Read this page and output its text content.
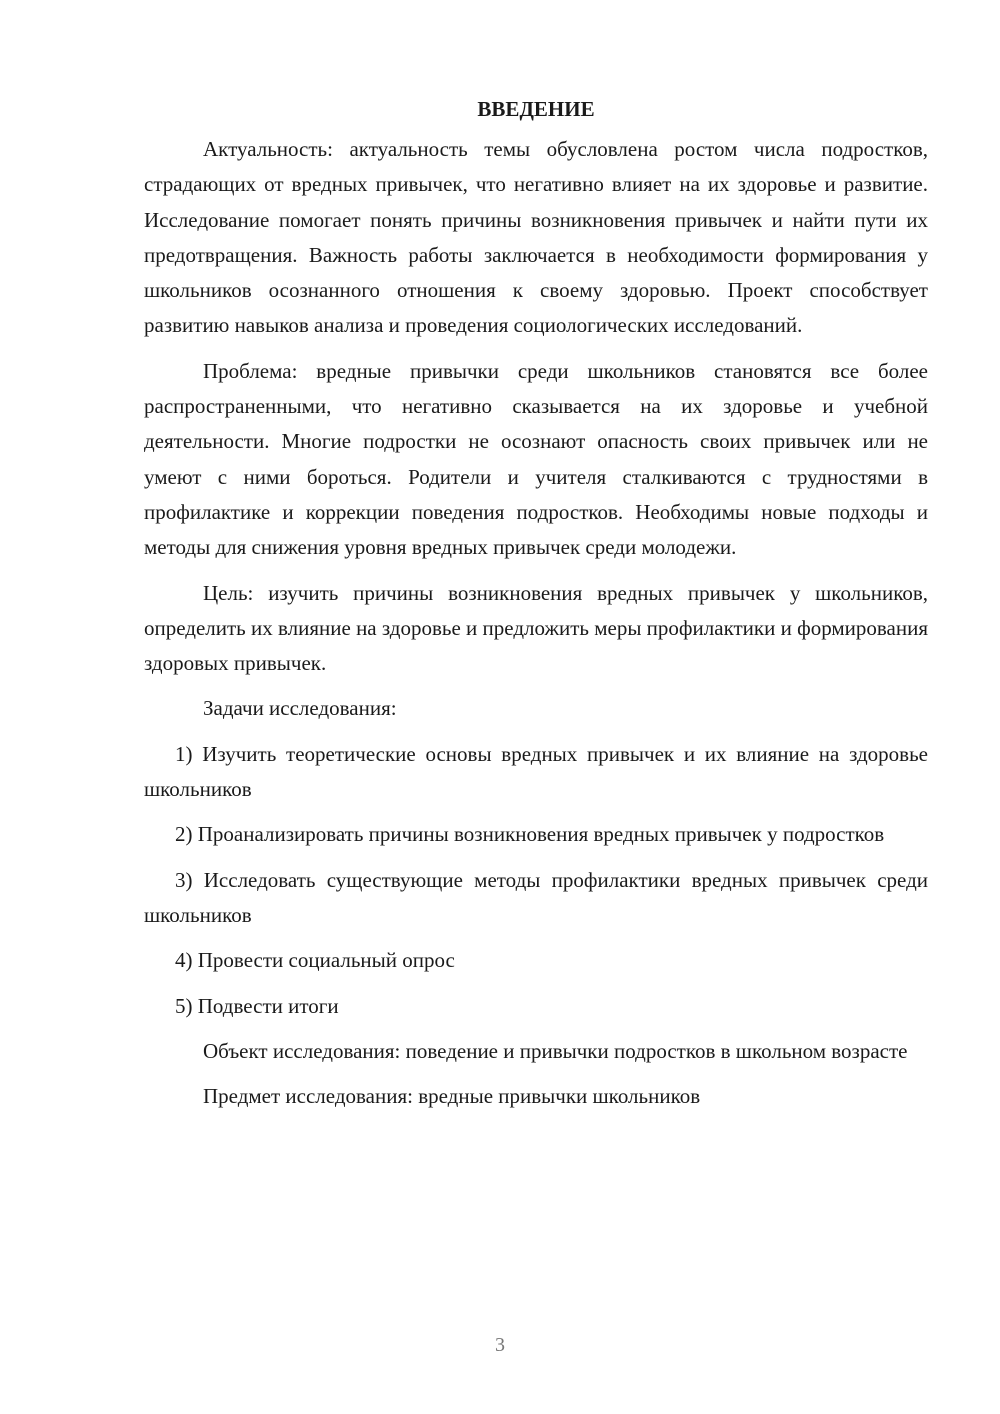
ВВЕДЕНИЕ

Актуальность: актуальность темы обусловлена ростом числа подростков, страдающих от вредных привычек, что негативно влияет на их здоровье и развитие. Исследование помогает понять причины возникновения привычек и найти пути их предотвращения. Важность работы заключается в необходимости формирования у школьников осознанного отношения к своему здоровью. Проект способствует развитию навыков анализа и проведения социологических исследований.

Проблема: вредные привычки среди школьников становятся все более распространенными, что негативно сказывается на их здоровье и учебной деятельности. Многие подростки не осознают опасность своих привычек или не умеют с ними бороться. Родители и учителя сталкиваются с трудностями в профилактике и коррекции поведения подростков. Необходимы новые подходы и методы для снижения уровня вредных привычек среди молодежи.

Цель: изучить причины возникновения вредных привычек у школьников, определить их влияние на здоровье и предложить меры профилактики и формирования здоровых привычек.

Задачи исследования:

1) Изучить теоретические основы вредных привычек и их влияние на здоровье школьников

2) Проанализировать причины возникновения вредных привычек у подростков

3) Исследовать существующие методы профилактики вредных привычек среди школьников

4) Провести социальный опрос

5) Подвести итоги

Объект исследования: поведение и привычки подростков в школьном возрасте

Предмет исследования: вредные привычки школьников

3
